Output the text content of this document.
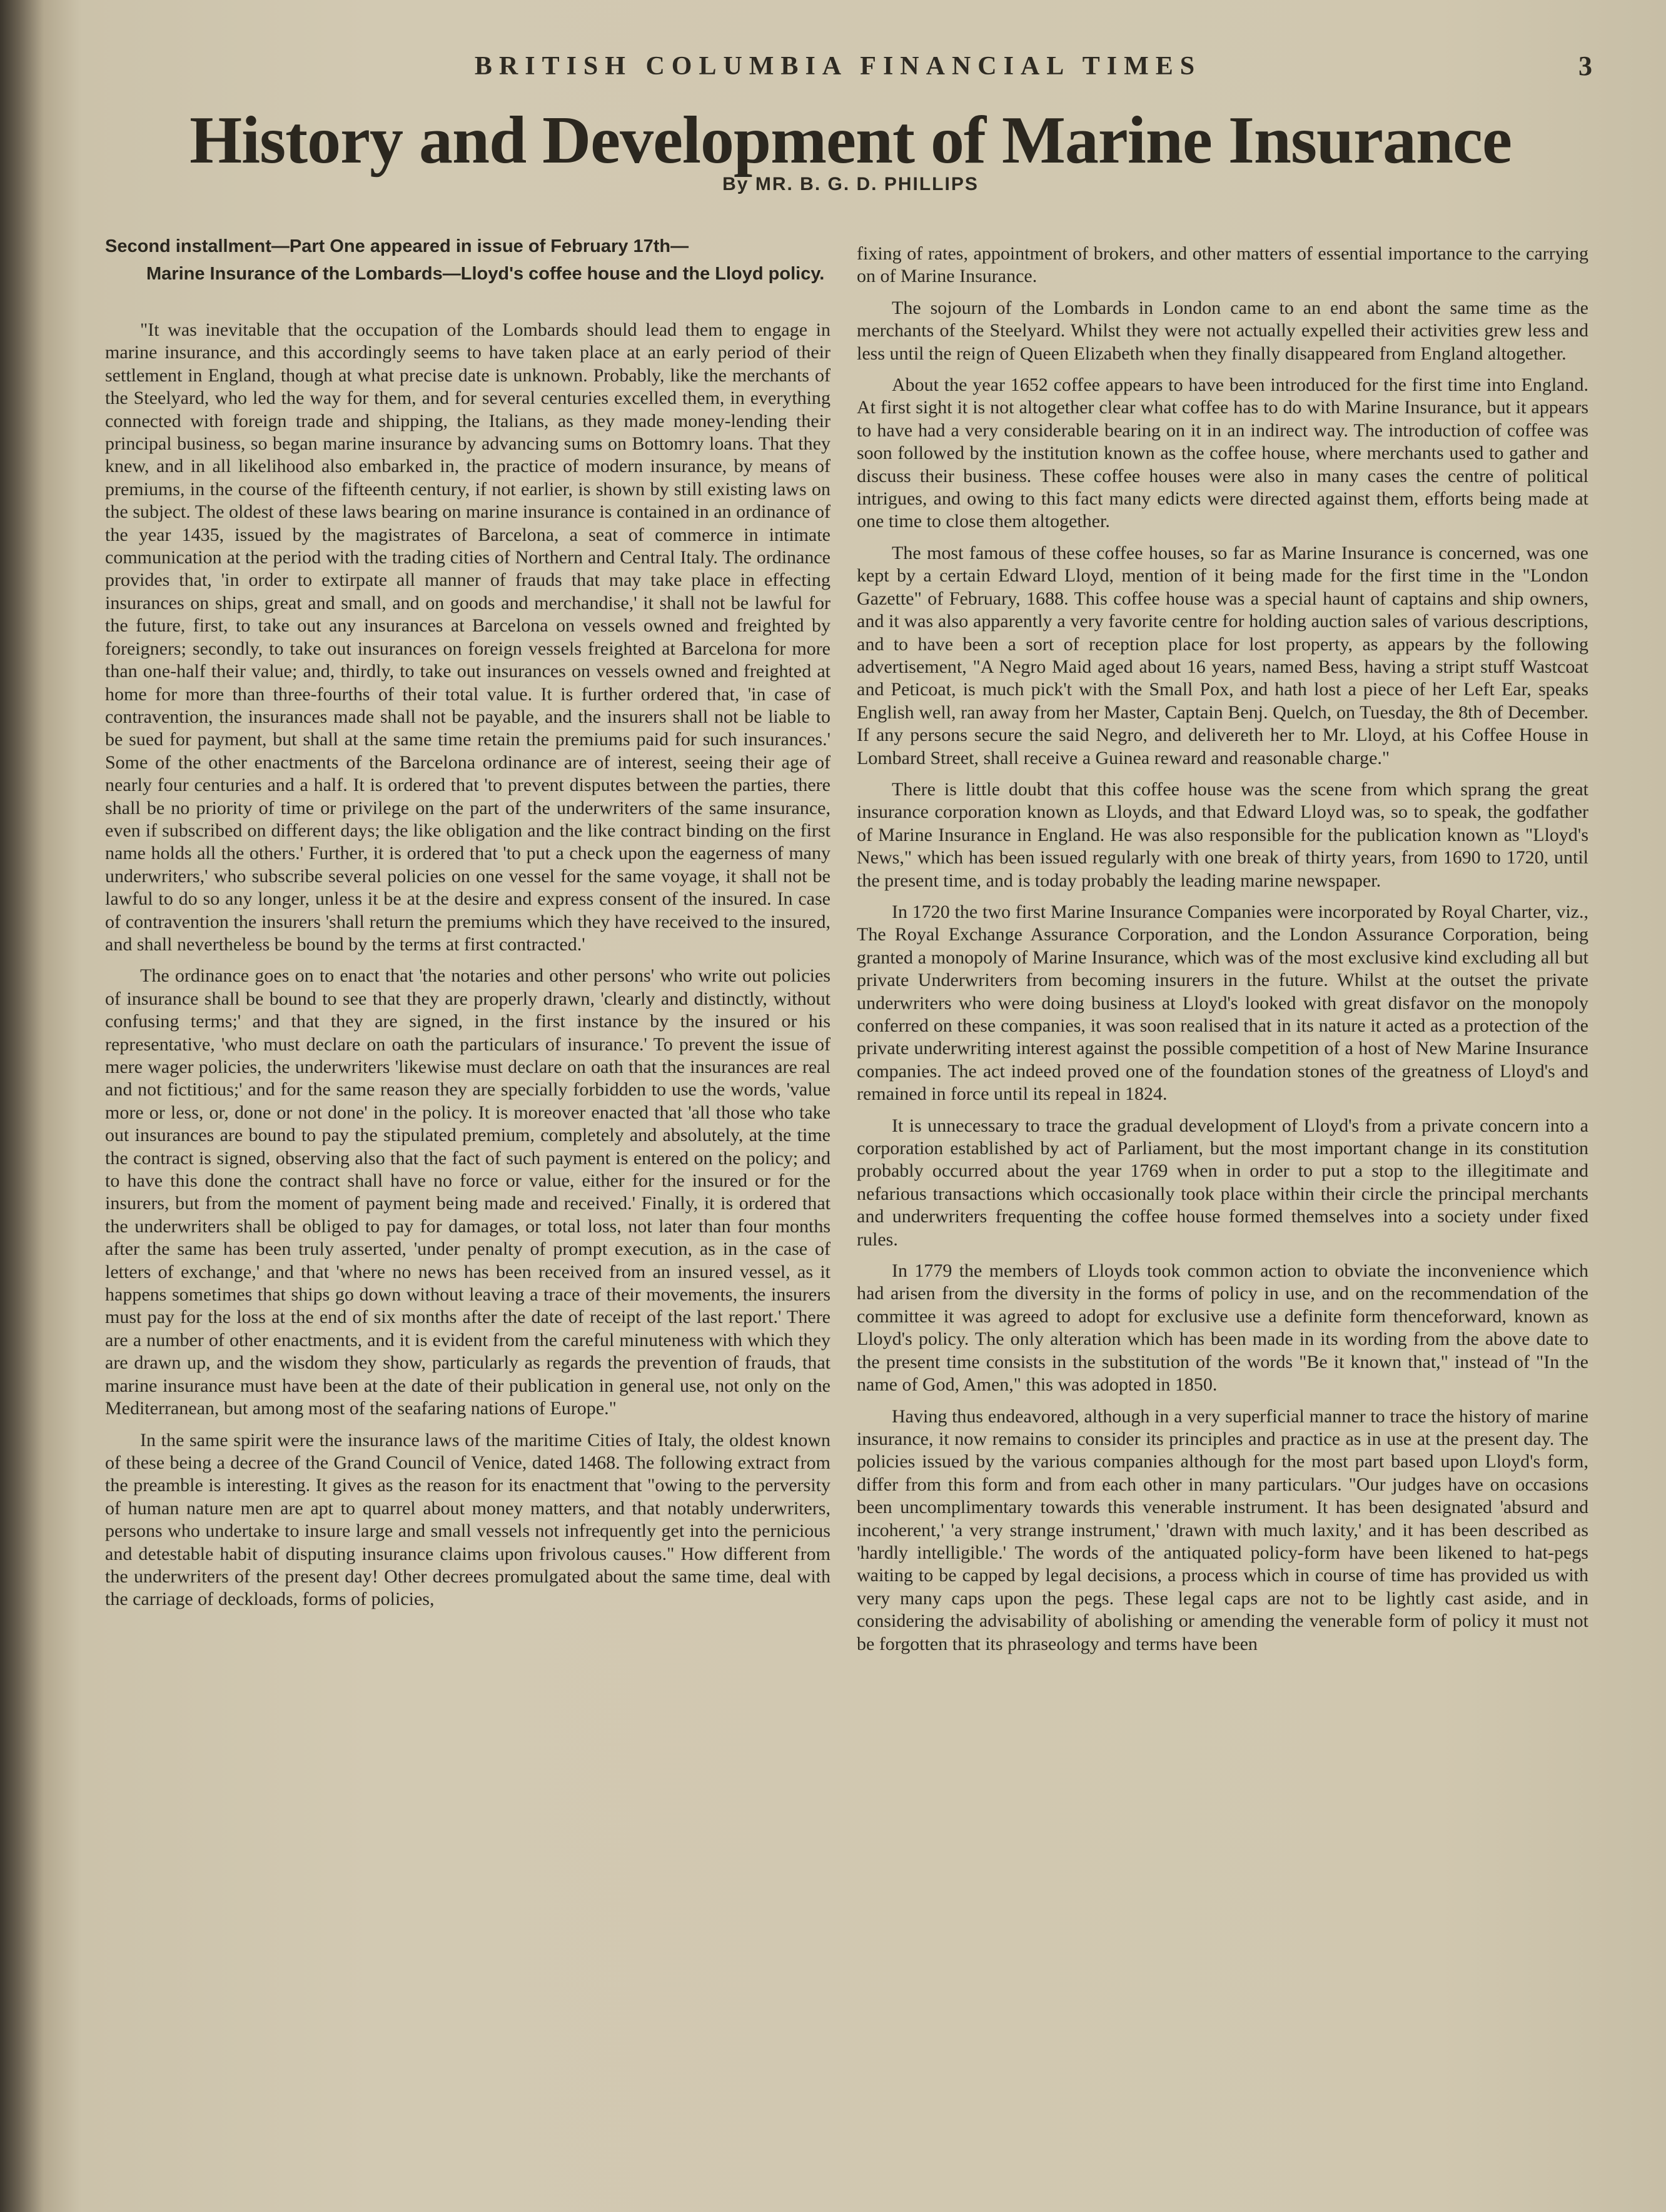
BRITISH COLUMBIA FINANCIAL TIMES	3
History and Development of Marine Insurance
By MR. B. G. D. PHILLIPS
Second installment—Part One appeared in issue of February 17th—
Marine Insurance of the Lombards—Lloyd's coffee house and the Lloyd policy.

"It was inevitable that the occupation of the Lombards should lead them to engage in marine insurance, and this accordingly seems to have taken place at an early period of their settlement in England, though at what precise date is unknown. Probably, like the merchants of the Steelyard, who led the way for them, and for several centuries excelled them, in everything connected with foreign trade and shipping, the Italians, as they made money-lending their principal business, so began marine insurance by advancing sums on Bottomry loans. That they knew, and in all likelihood also embarked in, the practice of modern insurance, by means of premiums, in the course of the fifteenth century, if not earlier, is shown by still existing laws on the subject. The oldest of these laws bearing on marine insurance is contained in an ordinance of the year 1435, issued by the magistrates of Barcelona, a seat of commerce in intimate communication at the period with the trading cities of Northern and Central Italy. The ordinance provides that, 'in order to extirpate all manner of frauds that may take place in effecting insurances on ships, great and small, and on goods and merchandise,' it shall not be lawful for the future, first, to take out any insurances at Barcelona on vessels owned and freighted by foreigners; secondly, to take out insurances on foreign vessels freighted at Barcelona for more than one-half their value; and, thirdly, to take out insurances on vessels owned and freighted at home for more than three-fourths of their total value. It is further ordered that, 'in case of contravention, the insurances made shall not be payable, and the insurers shall not be liable to be sued for payment, but shall at the same time retain the premiums paid for such insurances.' Some of the other enactments of the Barcelona ordinance are of interest, seeing their age of nearly four centuries and a half. It is ordered that 'to prevent disputes between the parties, there shall be no priority of time or privilege on the part of the underwriters of the same insurance, even if subscribed on different days; the like obligation and the like contract binding on the first name holds all the others.' Further, it is ordered that 'to put a check upon the eagerness of many underwriters,' who subscribe several policies on one vessel for the same voyage, it shall not be lawful to do so any longer, unless it be at the desire and express consent of the insured. In case of contravention the insurers 'shall return the premiums which they have received to the insured, and shall nevertheless be bound by the terms at first contracted.'

The ordinance goes on to enact that 'the notaries and other persons' who write out policies of insurance shall be bound to see that they are properly drawn, 'clearly and distinctly, without confusing terms;' and that they are signed, in the first instance by the insured or his representative, 'who must declare on oath the particulars of insurance.' To prevent the issue of mere wager policies, the underwriters 'likewise must declare on oath that the insurances are real and not fictitious;' and for the same reason they are specially forbidden to use the words, 'value more or less, or, done or not done' in the policy. It is moreover enacted that 'all those who take out insurances are bound to pay the stipulated premium, completely and absolutely, at the time the contract is signed, observing also that the fact of such payment is entered on the policy; and to have this done the contract shall have no force or value, either for the insured or for the insurers, but from the moment of payment being made and received.' Finally, it is ordered that the underwriters shall be obliged to pay for damages, or total loss, not later than four months after the same has been truly asserted, 'under penalty of prompt execution, as in the case of letters of exchange,' and that 'where no news has been received from an insured vessel, as it happens sometimes that ships go down without leaving a trace of their movements, the insurers must pay for the loss at the end of six months after the date of receipt of the last report.' There are a number of other enactments, and it is evident from the careful minuteness with which they are drawn up, and the wisdom they show, particularly as regards the prevention of frauds, that marine insurance must have been at the date of their publication in general use, not only on the Mediterranean, but among most of the seafaring nations of Europe."

In the same spirit were the insurance laws of the maritime Cities of Italy, the oldest known of these being a decree of the Grand Council of Venice, dated 1468. The following extract from the preamble is interesting. It gives as the reason for its enactment that "owing to the perversity of human nature men are apt to quarrel about money matters, and that notably underwriters, persons who undertake to insure large and small vessels not infrequently get into the pernicious and detestable habit of disputing insurance claims upon frivolous causes." How different from the underwriters of the present day! Other decrees promulgated about the same time, deal with the carriage of deckloads, forms of policies,

fixing of rates, appointment of brokers, and other matters of essential importance to the carrying on of Marine Insurance.

The sojourn of the Lombards in London came to an end abont the same time as the merchants of the Steelyard. Whilst they were not actually expelled their activities grew less and less until the reign of Queen Elizabeth when they finally disappeared from England altogether.

About the year 1652 coffee appears to have been introduced for the first time into England. At first sight it is not altogether clear what coffee has to do with Marine Insurance, but it appears to have had a very considerable bearing on it in an indirect way. The introduction of coffee was soon followed by the institution known as the coffee house, where merchants used to gather and discuss their business. These coffee houses were also in many cases the centre of political intrigues, and owing to this fact many edicts were directed against them, efforts being made at one time to close them altogether.

The most famous of these coffee houses, so far as Marine Insurance is concerned, was one kept by a certain Edward Lloyd, mention of it being made for the first time in the "London Gazette" of February, 1688. This coffee house was a special haunt of captains and ship owners, and it was also apparently a very favorite centre for holding auction sales of various descriptions, and to have been a sort of reception place for lost property, as appears by the following advertisement, "A Negro Maid aged about 16 years, named Bess, having a stript stuff Wastcoat and Peticoat, is much pick't with the Small Pox, and hath lost a piece of her Left Ear, speaks English well, ran away from her Master, Captain Benj. Quelch, on Tuesday, the 8th of December. If any persons secure the said Negro, and delivereth her to Mr. Lloyd, at his Coffee House in Lombard Street, shall receive a Guinea reward and reasonable charge."

There is little doubt that this coffee house was the scene from which sprang the great insurance corporation known as Lloyds, and that Edward Lloyd was, so to speak, the godfather of Marine Insurance in England. He was also responsible for the publication known as "Lloyd's News," which has been issued regularly with one break of thirty years, from 1690 to 1720, until the present time, and is today probably the leading marine newspaper.

In 1720 the two first Marine Insurance Companies were incorporated by Royal Charter, viz., The Royal Exchange Assurance Corporation, and the London Assurance Corporation, being granted a monopoly of Marine Insurance, which was of the most exclusive kind excluding all but private Underwriters from becoming insurers in the future. Whilst at the outset the private underwriters who were doing business at Lloyd's looked with great disfavor on the monopoly conferred on these companies, it was soon realised that in its nature it acted as a protection of the private underwriting interest against the possible competition of a host of New Marine Insurance companies. The act indeed proved one of the foundation stones of the greatness of Lloyd's and remained in force until its repeal in 1824.

It is unnecessary to trace the gradual development of Lloyd's from a private concern into a corporation established by act of Parliament, but the most important change in its constitution probably occurred about the year 1769 when in order to put a stop to the illegitimate and nefarious transactions which occasionally took place within their circle the principal merchants and underwriters frequenting the coffee house formed themselves into a society under fixed rules.

In 1779 the members of Lloyds took common action to obviate the inconvenience which had arisen from the diversity in the forms of policy in use, and on the recommendation of the committee it was agreed to adopt for exclusive use a definite form thenceforward, known as Lloyd's policy. The only alteration which has been made in its wording from the above date to the present time consists in the substitution of the words "Be it known that," instead of "In the name of God, Amen," this was adopted in 1850.

Having thus endeavored, although in a very superficial manner to trace the history of marine insurance, it now remains to consider its principles and practice as in use at the present day. The policies issued by the various companies although for the most part based upon Lloyd's form, differ from this form and from each other in many particulars. "Our judges have on occasions been uncomplimentary towards this venerable instrument. It has been designated 'absurd and incoherent,' 'a very strange instrument,' 'drawn with much laxity,' and it has been described as 'hardly intelligible.' The words of the antiquated policy-form have been likened to hat-pegs waiting to be capped by legal decisions, a process which in course of time has provided us with very many caps upon the pegs. These legal caps are not to be lightly cast aside, and in considering the advisability of abolishing or amending the venerable form of policy it must not be forgotten that its phraseology and terms have been
